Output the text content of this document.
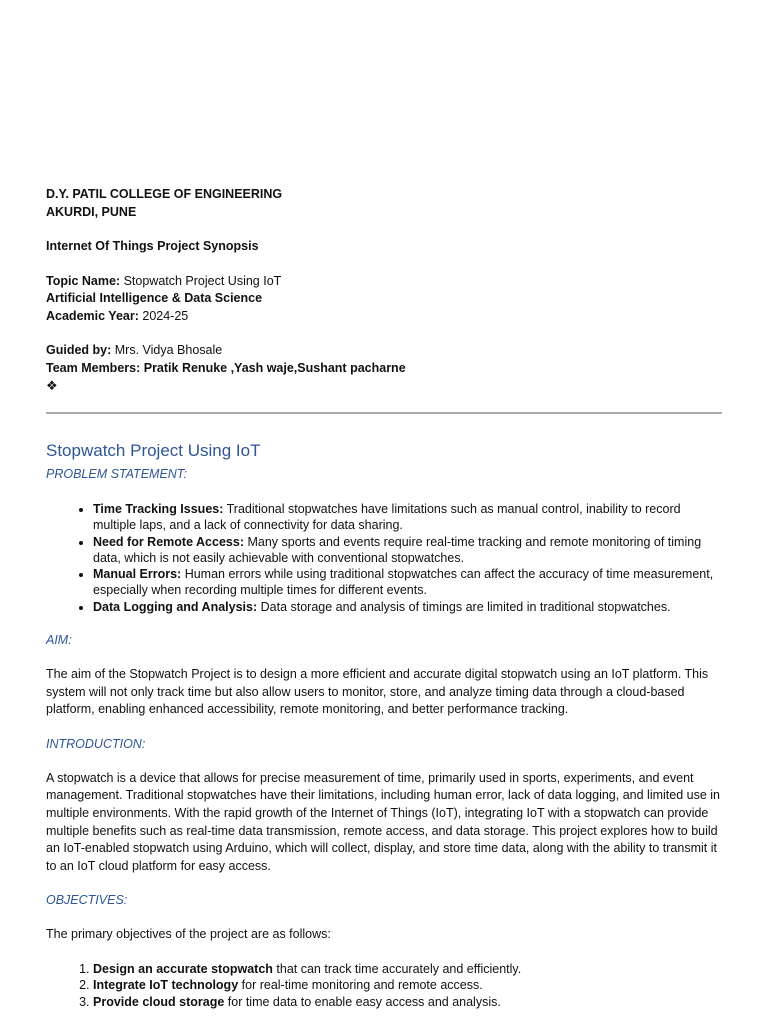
D.Y. PATIL COLLEGE OF ENGINEERING
AKURDI, PUNE
Internet Of Things Project Synopsis
Topic Name: Stopwatch Project Using IoT
Artificial Intelligence & Data Science
Academic Year: 2024-25
Guided by: Mrs. Vidya Bhosale
Team Members: Pratik Renuke ,Yash waje,Sushant pacharne
❖
Stopwatch Project Using IoT
PROBLEM STATEMENT:
• Time Tracking Issues: Traditional stopwatches have limitations such as manual control, inability to record multiple laps, and a lack of connectivity for data sharing.
• Need for Remote Access: Many sports and events require real-time tracking and remote monitoring of timing data, which is not easily achievable with conventional stopwatches.
• Manual Errors: Human errors while using traditional stopwatches can affect the accuracy of time measurement, especially when recording multiple times for different events.
• Data Logging and Analysis: Data storage and analysis of timings are limited in traditional stopwatches.
AIM:

The aim of the Stopwatch Project is to design a more efficient and accurate digital stopwatch using an IoT platform. This system will not only track time but also allow users to monitor, store, and analyze timing data through a cloud-based platform, enabling enhanced accessibility, remote monitoring, and better performance tracking.

INTRODUCTION:

A stopwatch is a device that allows for precise measurement of time, primarily used in sports, experiments, and event management. Traditional stopwatches have their limitations, including human error, lack of data logging, and limited use in multiple environments. With the rapid growth of the Internet of Things (IoT), integrating IoT with a stopwatch can provide multiple benefits such as real-time data transmission, remote access, and data storage. This project explores how to build an IoT-enabled stopwatch using Arduino, which will collect, display, and store time data, along with the ability to transmit it to an IoT cloud platform for easy access.

OBJECTIVES:

The primary objectives of the project are as follows:

1. Design an accurate stopwatch that can track time accurately and efficiently.
2. Integrate IoT technology for real-time monitoring and remote access.
3. Provide cloud storage for time data to enable easy access and analysis.
